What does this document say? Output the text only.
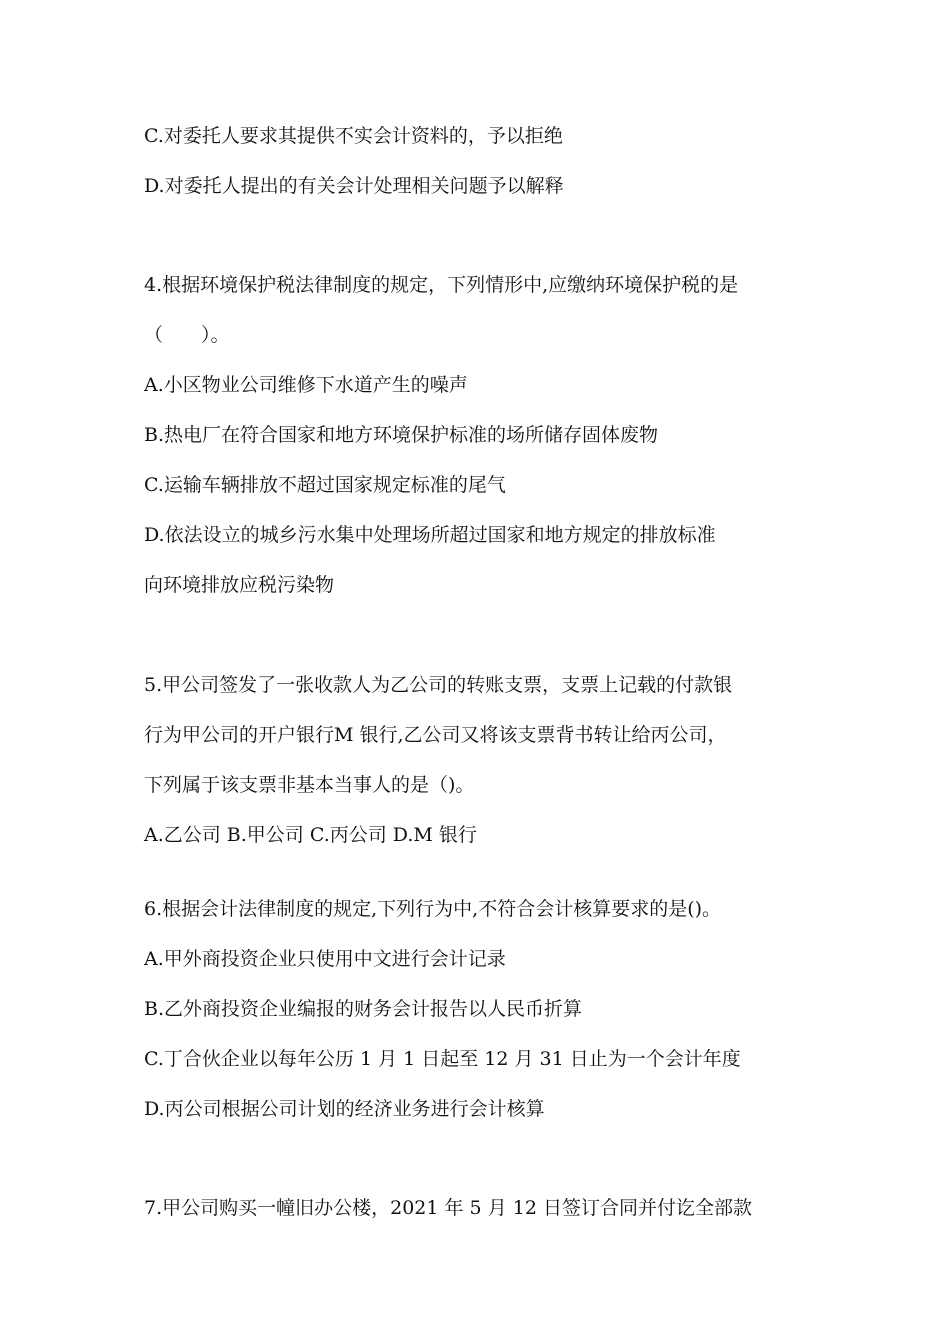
C.对委托人要求其提供不实会计资料的，予以拒绝
D.对委托人提出的有关会计处理相关问题予以解释
4.根据环境保护税法律制度的规定，下列情形中,应缴纳环境保护税的是
（　　）。
A.小区物业公司维修下水道产生的噪声
B.热电厂在符合国家和地方环境保护标准的场所储存固体废物
C.运输车辆排放不超过国家规定标准的尾气
D.依法设立的城乡污水集中处理场所超过国家和地方规定的排放标准
向环境排放应税污染物
5.甲公司签发了一张收款人为乙公司的转账支票，支票上记载的付款银
行为甲公司的开户银行M 银行,乙公司又将该支票背书转让给丙公司，
下列属于该支票非基本当事人的是（)。
A.乙公司 B.甲公司 C.丙公司 D.M 银行
6.根据会计法律制度的规定,下列行为中,不符合会计核算要求的是()。
A.甲外商投资企业只使用中文进行会计记录
B.乙外商投资企业编报的财务会计报告以人民币折算
C.丁合伙企业以每年公历 1 月 1 日起至 12 月 31 日止为一个会计年度
D.丙公司根据公司计划的经济业务进行会计核算
7.甲公司购买一幢旧办公楼，2021 年 5 月 12 日签订合同并付讫全部款
